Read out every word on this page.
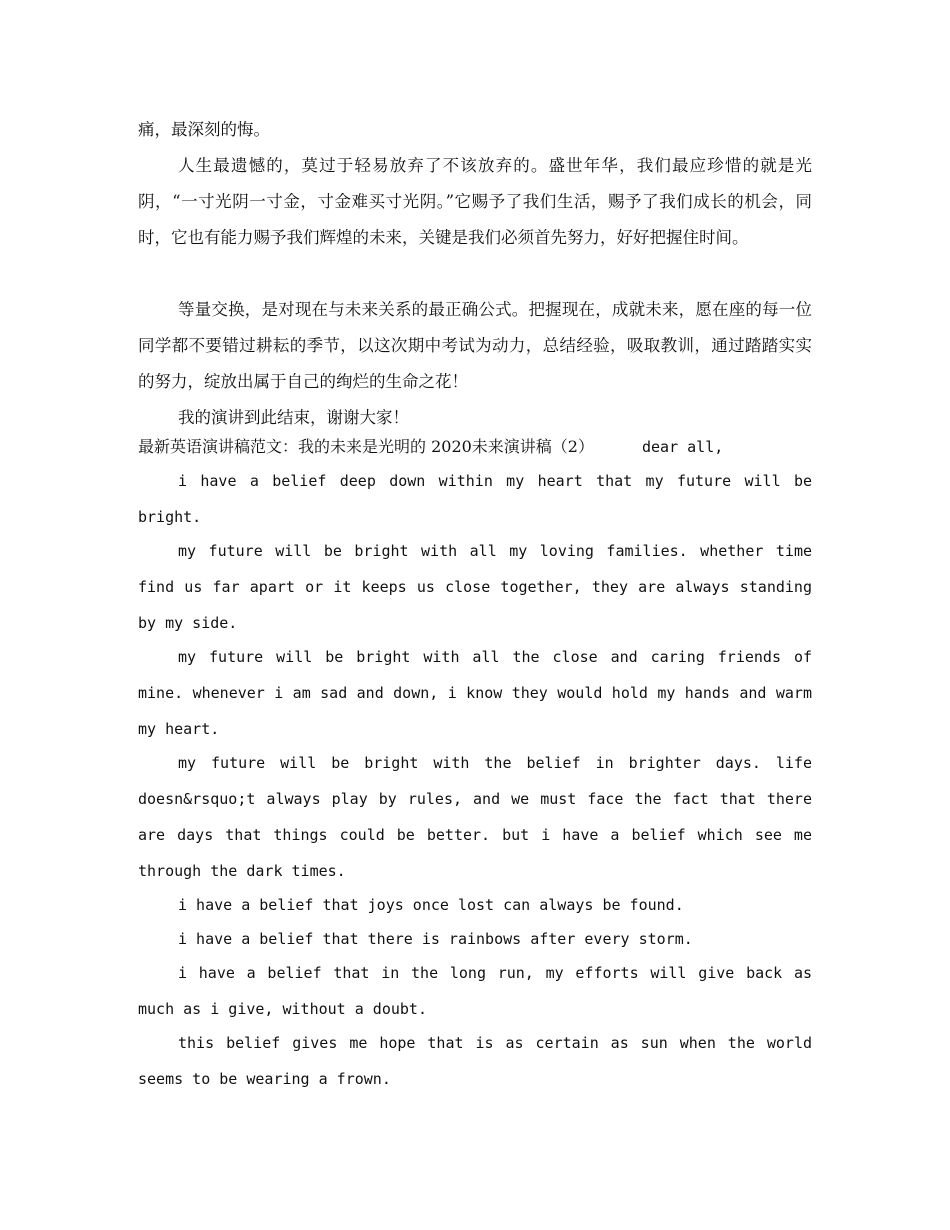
痛，最深刻的悔。

人生最遗憾的，莫过于轻易放弃了不该放弃的。盛世年华，我们最应珍惜的就是光阴，“一寸光阴一寸金，寸金难买寸光阴。”它赐予了我们生活，赐予了我们成长的机会，同时，它也有能力赐予我们辉煌的未来，关键是我们必须首先努力，好好把握住时间。

等量交换，是对现在与未来关系的最正确公式。把握现在，成就未来，愿在座的每一位同学都不要错过耕耘的季节，以这次期中考试为动力，总结经验，吸取教训，通过踏踏实实的努力，绽放出属于自己的绚烂的生命之花！

我的演讲到此结束，谢谢大家！

最新英语演讲稿范文：我的未来是光明的 2020未来演讲稿（2）	dear all,

i have a belief deep down within my heart that my future will be bright.

my future will be bright with all my loving families. whether time find us far apart or it keeps us close together, they are always standing by my side.

my future will be bright with all the close and caring friends of mine. whenever i am sad and down, i know they would hold my hands and warm my heart.

my future will be bright with the belief in brighter days. life doesn&rsquo;t always play by rules, and we must face the fact that there are days that things could be better. but i have a belief which see me through the dark times.

i have a belief that joys once lost can always be found.

i have a belief that there is rainbows after every storm.

i have a belief that in the long run, my efforts will give back as much as i give, without a doubt.

this belief gives me hope that is as certain as sun when the world seems to be wearing a frown.
